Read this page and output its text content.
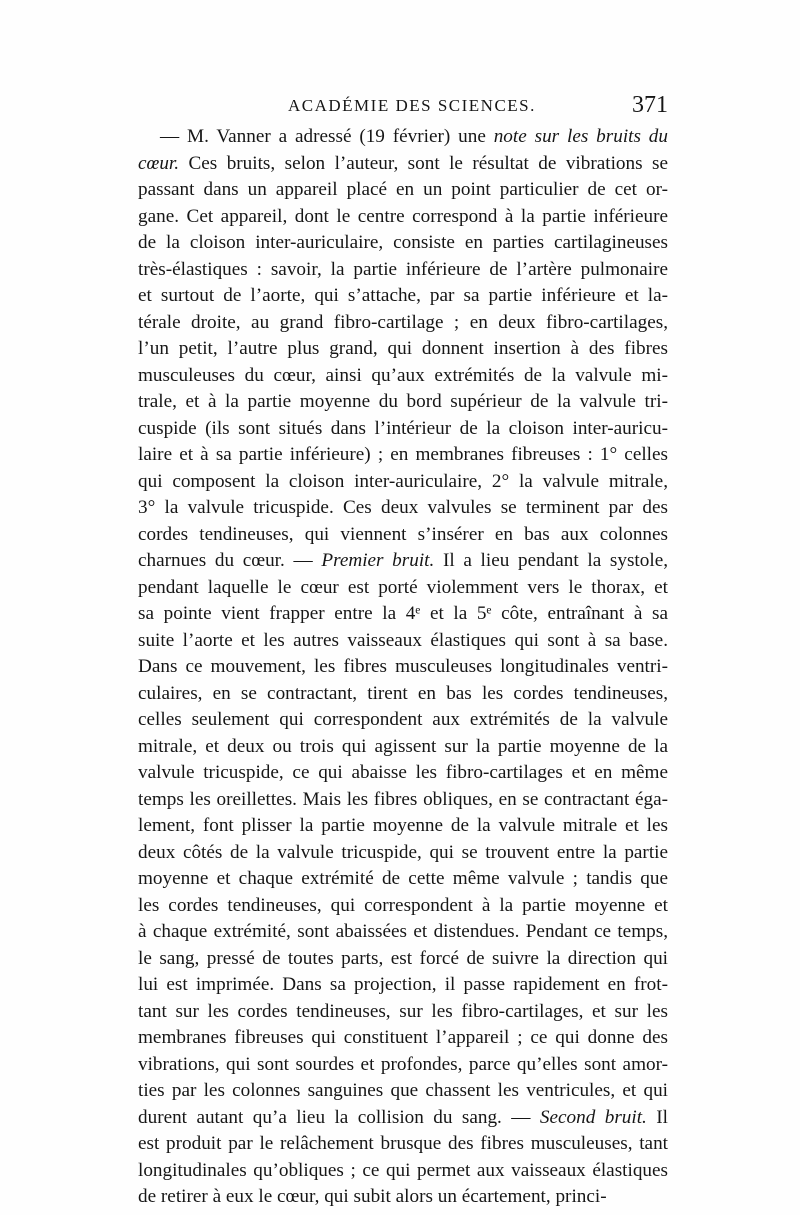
ACADÉMIE DES SCIENCES.	371
— M. Vanner a adressé (19 février) une note sur les bruits du
cœur. Ces bruits, selon l’auteur, sont le résultat de vibrations se
passant dans un appareil placé en un point particulier de cet or-
gane. Cet appareil, dont le centre correspond à la partie inférieure
de la cloison inter-auriculaire, consiste en parties cartilagineuses
très-élastiques : savoir, la partie inférieure de l’artère pulmonaire
et surtout de l’aorte, qui s’attache, par sa partie inférieure et la-
térale droite, au grand fibro-cartilage ; en deux fibro-cartilages,
l’un petit, l’autre plus grand, qui donnent insertion à des fibres
musculeuses du cœur, ainsi qu’aux extrémités de la valvule mi-
trale, et à la partie moyenne du bord supérieur de la valvule tri-
cuspide (ils sont situés dans l’intérieur de la cloison inter-auricu-
laire et à sa partie inférieure) ; en membranes fibreuses : 1° celles
qui composent la cloison inter-auriculaire, 2° la valvule mitrale,
3° la valvule tricuspide. Ces deux valvules se terminent par des
cordes tendineuses, qui viennent s’insérer en bas aux colonnes
charnues du cœur. — Premier bruit. Il a lieu pendant la systole,
pendant laquelle le cœur est porté violemment vers le thorax, et
sa pointe vient frapper entre la 4ᵉ et la 5ᵉ côte, entraînant à sa
suite l’aorte et les autres vaisseaux élastiques qui sont à sa base.
Dans ce mouvement, les fibres musculeuses longitudinales ventri-
culaires, en se contractant, tirent en bas les cordes tendineuses,
celles seulement qui correspondent aux extrémités de la valvule
mitrale, et deux ou trois qui agissent sur la partie moyenne de la
valvule tricuspide, ce qui abaisse les fibro-cartilages et en même
temps les oreillettes. Mais les fibres obliques, en se contractant éga-
lement, font plisser la partie moyenne de la valvule mitrale et les
deux côtés de la valvule tricuspide, qui se trouvent entre la partie
moyenne et chaque extrémité de cette même valvule ; tandis que
les cordes tendineuses, qui correspondent à la partie moyenne et
à chaque extrémité, sont abaissées et distendues. Pendant ce temps,
le sang, pressé de toutes parts, est forcé de suivre la direction qui
lui est imprimée. Dans sa projection, il passe rapidement en frot-
tant sur les cordes tendineuses, sur les fibro-cartilages, et sur les
membranes fibreuses qui constituent l’appareil ; ce qui donne des
vibrations, qui sont sourdes et profondes, parce qu’elles sont amor-
ties par les colonnes sanguines que chassent les ventricules, et qui
durent autant qu’a lieu la collision du sang. — Second bruit. Il
est produit par le relâchement brusque des fibres musculeuses, tant
longitudinales qu’obliques ; ce qui permet aux vaisseaux élastiques
de retirer à eux le cœur, qui subit alors un écartement, princi-
